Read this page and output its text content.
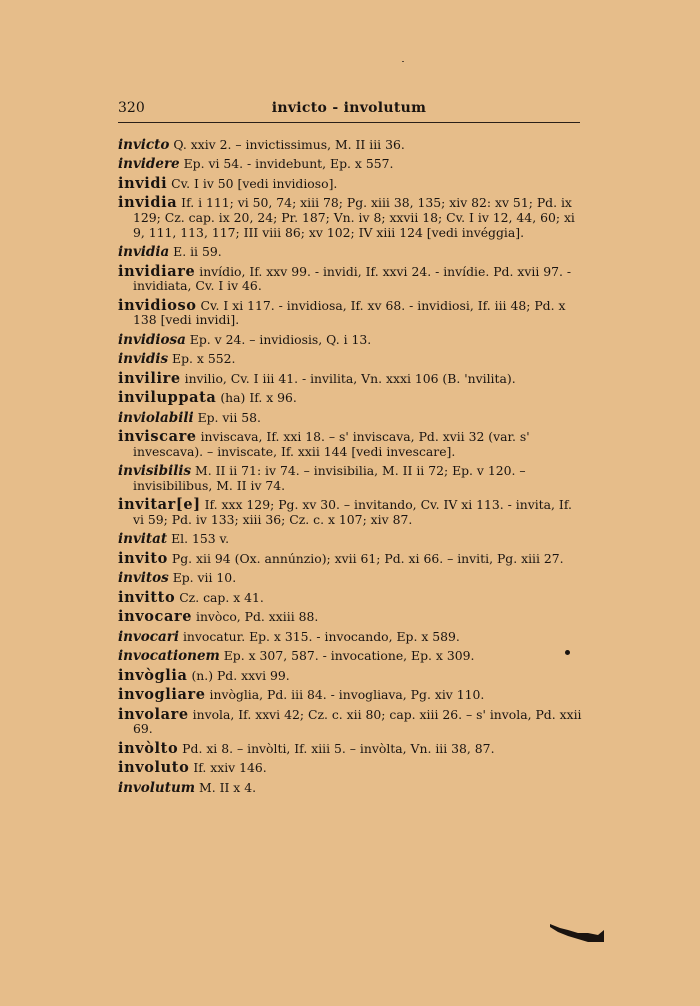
320	invicto - involutum
invicto Q. xxiv 2. – invictissimus, M. II iii 36.
invidere Ep. vi 54. - invidebunt, Ep. x 557.
invidi Cv. I iv 50 [vedi invidioso].
invidia If. i 111; vi 50, 74; xiii 78; Pg. xiii 38, 135; xiv 82: xv 51; Pd. ix 129; Cz. cap. ix 20, 24; Pr. 187; Vn. iv 8; xxvii 18; Cv. I iv 12, 44, 60; xi 9, 111, 113, 117; III viii 86; xv 102; IV xiii 124 [vedi invéggia].
invidia E. ii 59.
invidiare invídio, If. xxv 99. - invidi, If. xxvi 24. - invídie. Pd. xvii 97. - invidiata, Cv. I iv 46.
invidioso Cv. I xi 117. - invidiosa, If. xv 68. - invidiosi, If. iii 48; Pd. x 138 [vedi invidi].
invidiosa Ep. v 24. – invidiosis, Q. i 13.
invidis Ep. x 552.
invilire invilio, Cv. I iii 41. - invilita, Vn. xxxi 106 (B. 'nvilita).
inviluppata (ha) If. x 96.
inviolabili Ep. vii 58.
inviscare inviscava, If. xxi 18. – s' inviscava, Pd. xvii 32 (var. s' invescava). – inviscate, If. xxii 144 [vedi invescare].
invisibilis M. II ii 71: iv 74. – invisibilia, M. II ii 72; Ep. v 120. – invisibilibus, M. II iv 74.
invitar[e] If. xxx 129; Pg. xv 30. – invitando, Cv. IV xi 113. - invita, If. vi 59; Pd. iv 133; xiii 36; Cz. c. x 107; xiv 87.
invitat El. 153 v.
invito Pg. xii 94 (Ox. annúnzio); xvii 61; Pd. xi 66. – inviti, Pg. xiii 27.
invitos Ep. vii 10.
invitto Cz. cap. x 41.
invocare invòco, Pd. xxiii 88.
invocari invocatur. Ep. x 315. - invocando, Ep. x 589.
invocationem Ep. x 307, 587. - invocatione, Ep. x 309.
invòglia (n.) Pd. xxvi 99.
invogliare invòglia, Pd. iii 84. - invogliava, Pg. xiv 110.
involare invola, If. xxvi 42; Cz. c. xii 80; cap. xiii 26. – s' invola, Pd. xxii 69.
invòlto Pd. xi 8. – invòlti, If. xiii 5. – invòlta, Vn. iii 38, 87.
involuto If. xxiv 146.
involutum M. II x 4.
